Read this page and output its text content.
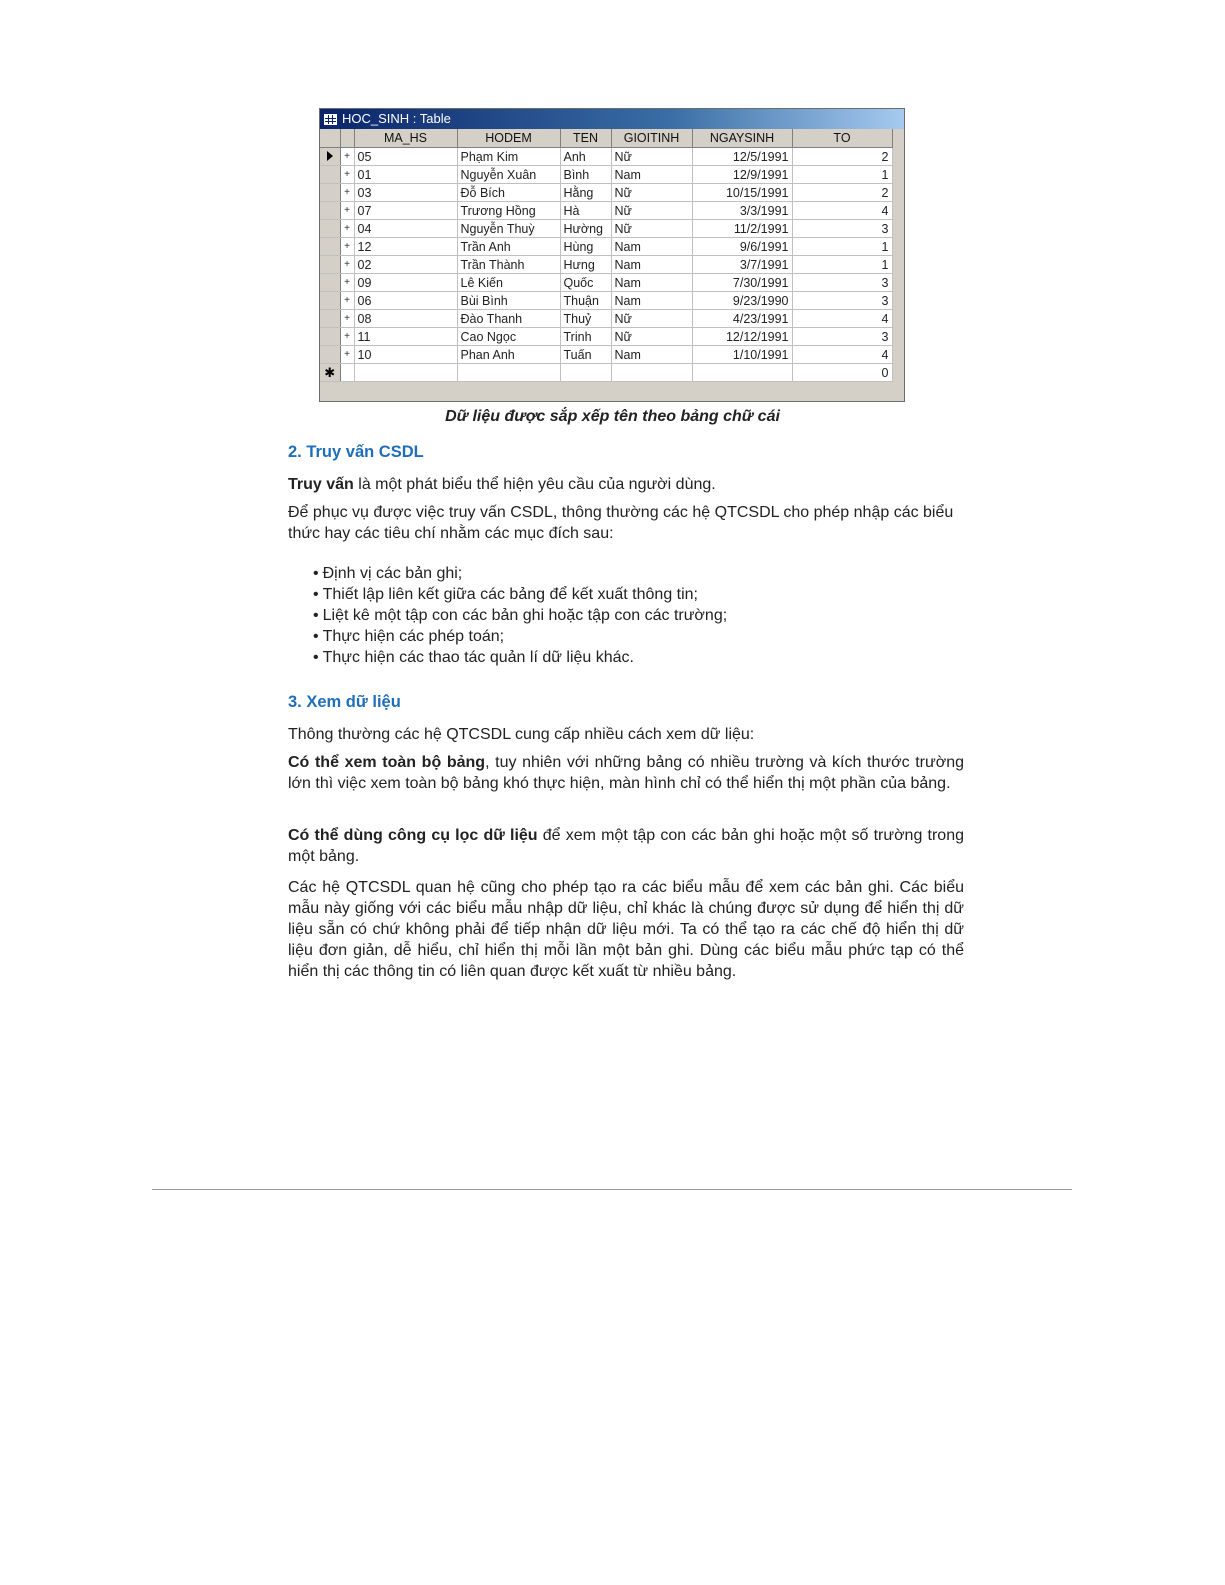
HOC_SINH : Table
		MA_HS	HODEM	TEN	GIOITINH	NGAYSINH	TO
	+	05	Phạm Kim	Anh	Nữ	12/5/1991	2
	+	01	Nguyễn Xuân	Bình	Nam	12/9/1991	1
	+	03	Đỗ Bích	Hằng	Nữ	10/15/1991	2
	+	07	Trương Hồng	Hà	Nữ	3/3/1991	4
	+	04	Nguyễn Thuỳ	Hường	Nữ	11/2/1991	3
	+	12	Trần Anh	Hùng	Nam	9/6/1991	1
	+	02	Trần Thành	Hưng	Nam	3/7/1991	1
	+	09	Lê Kiến	Quốc	Nam	7/30/1991	3
	+	06	Bùi Bình	Thuận	Nam	9/23/1990	3
	+	08	Đào Thanh	Thuỷ	Nữ	4/23/1991	4
	+	11	Cao Ngọc	Trinh	Nữ	12/12/1991	3
	+	10	Phan Anh	Tuấn	Nam	1/10/1991	4
✱							0
Dữ liệu được sắp xếp tên theo bảng chữ cái
2. Truy vấn CSDL

Truy vấn là một phát biểu thể hiện yêu cầu của người dùng.

Để phục vụ được việc truy vấn CSDL, thông thường các hệ QTCSDL cho phép nhập các biểu thức hay các tiêu chí nhằm các mục đích sau:

• Định vị các bản ghi;
• Thiết lập liên kết giữa các bảng để kết xuất thông tin;
• Liệt kê một tập con các bản ghi hoặc tập con các trường;
• Thực hiện các phép toán;
• Thực hiện các thao tác quản lí dữ liệu khác.
3. Xem dữ liệu

Thông thường các hệ QTCSDL cung cấp nhiều cách xem dữ liệu:

Có thể xem toàn bộ bảng, tuy nhiên với những bảng có nhiều trường và kích thước trường lớn thì việc xem toàn bộ bảng khó thực hiện, màn hình chỉ có thể hiển thị một phần của bảng.

Có thể dùng công cụ lọc dữ liệu để xem một tập con các bản ghi hoặc một số trường trong một bảng.

Các hệ QTCSDL quan hệ cũng cho phép tạo ra các biểu mẫu để xem các bản ghi. Các biểu mẫu này giống với các biểu mẫu nhập dữ liệu, chỉ khác là chúng được sử dụng để hiển thị dữ liệu sẵn có chứ không phải để tiếp nhận dữ liệu mới. Ta có thể tạo ra các chế độ hiển thị dữ liệu đơn giản, dễ hiểu, chỉ hiển thị mỗi lần một bản ghi. Dùng các biểu mẫu phức tạp có thể hiển thị các thông tin có liên quan được kết xuất từ nhiều bảng.
